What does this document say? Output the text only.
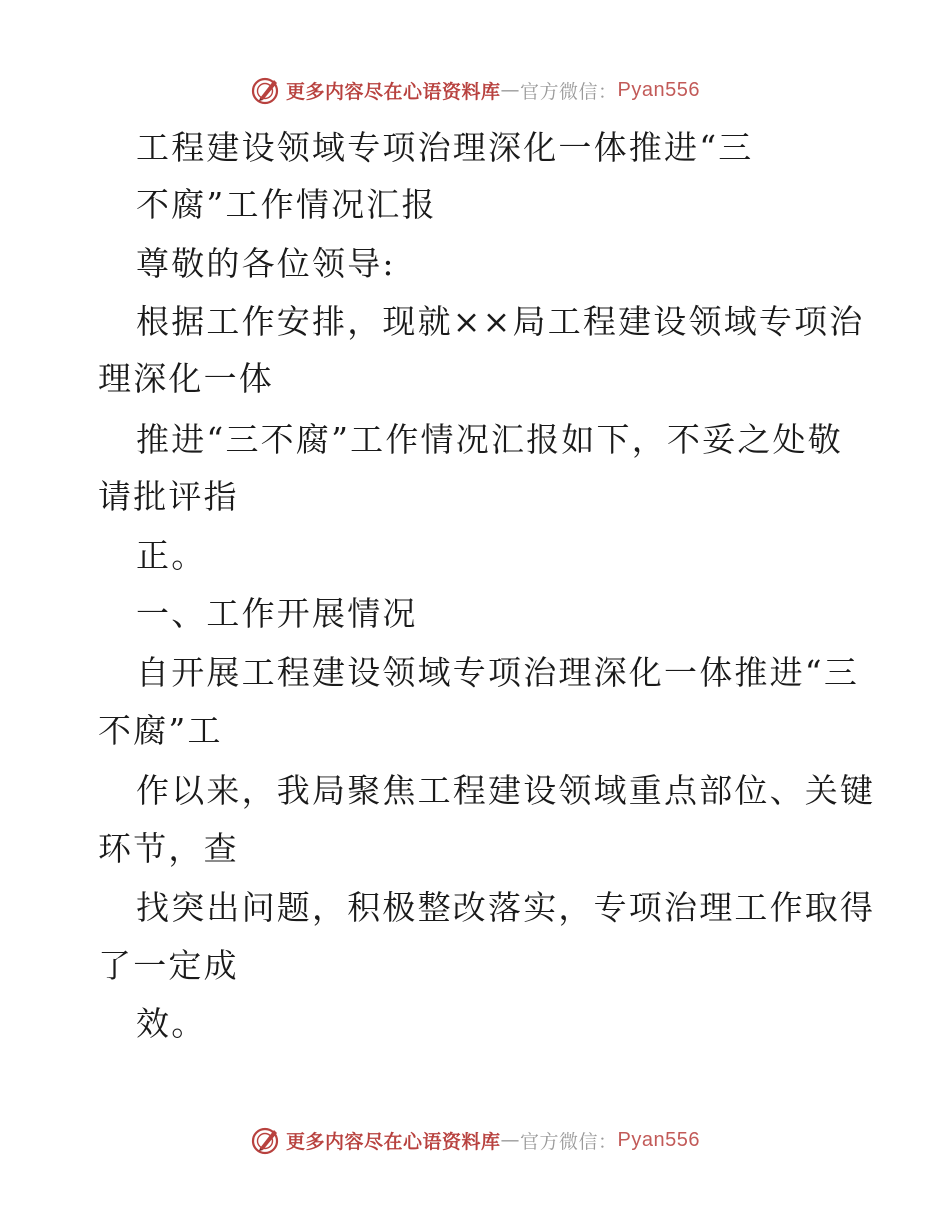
更多内容尽在心语资料库 — 官方微信： Pyan556
工程建设领域专项治理深化一体推进“三
不腐”工作情况汇报
尊敬的各位领导:
根据工作安排，现就××局工程建设领域专项治
理深化一体
推进“三不腐”工作情况汇报如下，不妥之处敬
请批评指
正。
一、工作开展情况
自开展工程建设领域专项治理深化一体推进“三
不腐”工
作以来，我局聚焦工程建设领域重点部位、关键
环节，查
找突出问题，积极整改落实，专项治理工作取得
了一定成
效。
更多内容尽在心语资料库 — 官方微信： Pyan556
